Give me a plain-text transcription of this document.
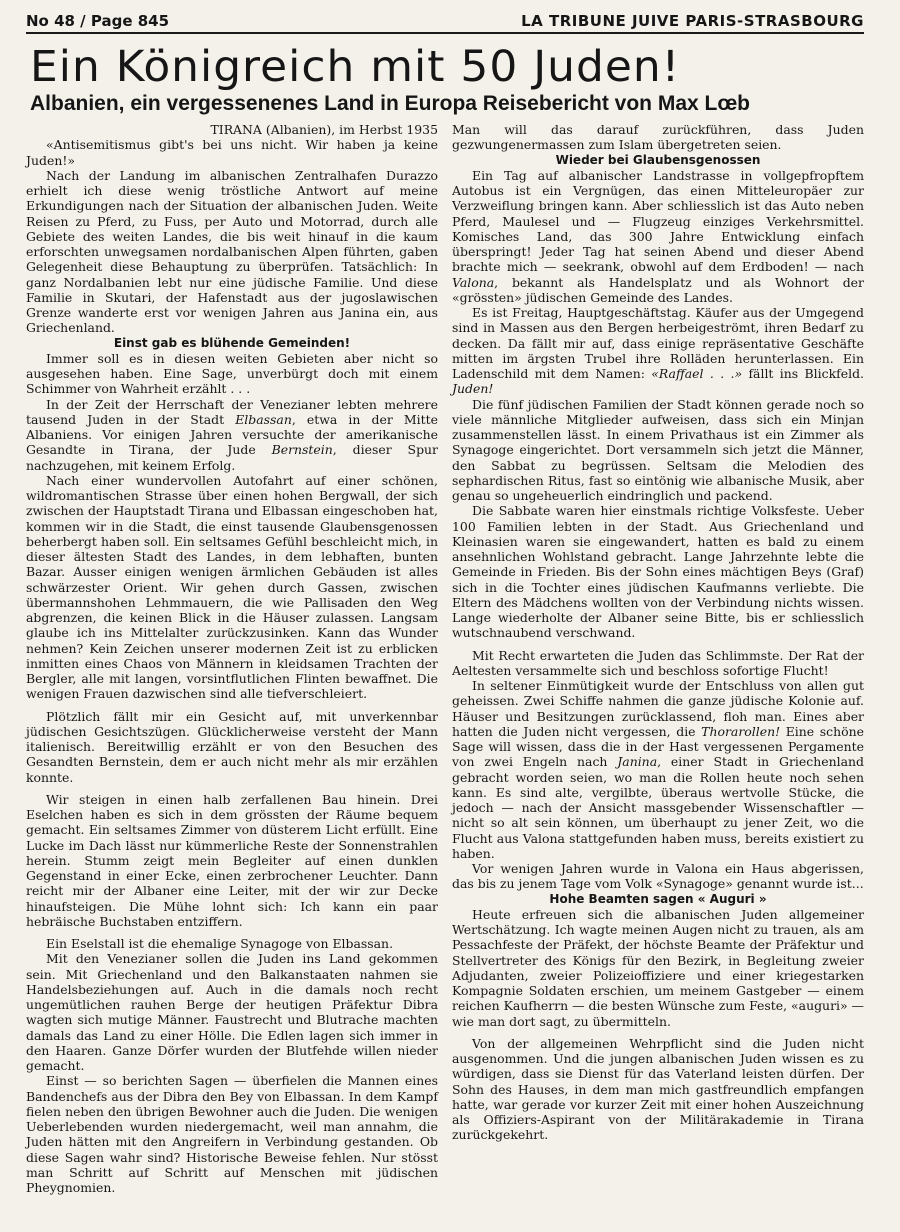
No 48 / Page 845	LA TRIBUNE JUIVE PARIS-STRASBOURG
Ein Königreich mit 50 Juden!
Albanien, ein vergessenenes Land in Europa Reisebericht von Max Lœb

TIRANA (Albanien), im Herbst 1935

«Antisemitismus gibt's bei uns nicht. Wir haben ja keine Juden!»

Nach der Landung im albanischen Zentralhafen Durazzo erhielt ich diese wenig tröstliche Antwort auf meine Erkundigungen nach der Situation der albanischen Juden. Weite Reisen zu Pferd, zu Fuss, per Auto und Motorrad, durch alle Gebiete des weiten Landes, die bis weit hinauf in die kaum erforschten unwegsamen nordalbanischen Alpen führten, gaben Gelegenheit diese Behauptung zu überprüfen. Tatsächlich: In ganz Nordalbanien lebt nur eine jüdische Familie. Und diese Familie in Skutari, der Hafenstadt aus der jugoslawischen Grenze wanderte erst vor wenigen Jahren aus Janina ein, aus Griechenland.

Einst gab es blühende Gemeinden!

Immer soll es in diesen weiten Gebieten aber nicht so ausgesehen haben. Eine Sage, unverbürgt doch mit einem Schimmer von Wahrheit erzählt . . .

In der Zeit der Herrschaft der Venezianer lebten mehrere tausend Juden in der Stadt Elbassan, etwa in der Mitte Albaniens. Vor einigen Jahren versuchte der amerikanische Gesandte in Tirana, der Jude Bernstein, dieser Spur nachzugehen, mit keinem Erfolg.

Nach einer wundervollen Autofahrt auf einer schönen, wildromantischen Strasse über einen hohen Bergwall, der sich zwischen der Hauptstadt Tirana und Elbassan eingeschoben hat, kommen wir in die Stadt, die einst tausende Glaubensgenossen beherbergt haben soll. Ein seltsames Gefühl beschleicht mich, in dieser ältesten Stadt des Landes, in dem lebhaften, bunten Bazar. Ausser einigen wenigen ärmlichen Gebäuden ist alles schwärzester Orient. Wir gehen durch Gassen, zwischen übermannshohen Lehmmauern, die wie Pallisaden den Weg abgrenzen, die keinen Blick in die Häuser zulassen. Langsam glaube ich ins Mittelalter zurückzusinken. Kann das Wunder nehmen? Kein Zeichen unserer modernen Zeit ist zu erblicken inmitten eines Chaos von Männern in kleidsamen Trachten der Bergler, alle mit langen, vorsintflutlichen Flinten bewaffnet. Die wenigen Frauen dazwischen sind alle tiefverschleiert.

Plötzlich fällt mir ein Gesicht auf, mit unverkennbar jüdischen Gesichtszügen. Glücklicherweise versteht der Mann italienisch. Bereitwillig erzählt er von den Besuchen des Gesandten Bernstein, dem er auch nicht mehr als mir erzählen konnte.

Wir steigen in einen halb zerfallenen Bau hinein. Drei Eselchen haben es sich in dem grössten der Räume bequem gemacht. Ein seltsames Zimmer von düsterem Licht erfüllt. Eine Lucke im Dach lässt nur kümmerliche Reste der Sonnenstrahlen herein. Stumm zeigt mein Begleiter auf einen dunklen Gegenstand in einer Ecke, einen zerbrochener Leuchter. Dann reicht mir der Albaner eine Leiter, mit der wir zur Decke hinaufsteigen. Die Mühe lohnt sich: Ich kann ein paar hebräische Buchstaben entziffern.

Ein Eselstall ist die ehemalige Synagoge von Elbassan.

Mit den Venezianer sollen die Juden ins Land gekommen sein. Mit Griechenland und den Balkanstaaten nahmen sie Handelsbeziehungen auf. Auch in die damals noch recht ungemütlichen rauhen Berge der heutigen Präfektur Dibra wagten sich mutige Männer. Faustrecht und Blutrache machten damals das Land zu einer Hölle. Die Edlen lagen sich immer in den Haaren. Ganze Dörfer wurden der Blutfehde willen nieder gemacht.

Einst — so berichten Sagen — überfielen die Mannen eines Bandenchefs aus der Dibra den Bey von Elbassan. In dem Kampf fielen neben den übrigen Bewohner auch die Juden. Die wenigen Ueberlebenden wurden niedergemacht, weil man annahm, die Juden hätten mit den Angreifern in Verbindung gestanden. Ob diese Sagen wahr sind? Historische Beweise fehlen. Nur stösst man Schritt auf Schritt auf Menschen mit jüdischen Pheygnomien.

Man will das darauf zurückführen, dass Juden gezwungenermassen zum Islam übergetreten seien.

Wieder bei Glaubensgenossen

Ein Tag auf albanischer Landstrasse in vollgepfropftem Autobus ist ein Vergnügen, das einen Mitteleuropäer zur Verzweiflung bringen kann. Aber schliesslich ist das Auto neben Pferd, Maulesel und — Flugzeug einziges Verkehrsmittel. Komisches Land, das 300 Jahre Entwicklung einfach überspringt! Jeder Tag hat seinen Abend und dieser Abend brachte mich — seekrank, obwohl auf dem Erdboden! — nach Valona, bekannt als Handelsplatz und als Wohnort der «grössten» jüdischen Gemeinde des Landes.

Es ist Freitag, Hauptgeschäftstag. Käufer aus der Umgegend sind in Massen aus den Bergen herbeigeströmt, ihren Bedarf zu decken. Da fällt mir auf, dass einige repräsentative Geschäfte mitten im ärgsten Trubel ihre Rolläden herunterlassen. Ein Ladenschild mit dem Namen: «Raffael . . .» fällt ins Blickfeld. Juden!

Die fünf jüdischen Familien der Stadt können gerade noch so viele männliche Mitglieder aufweisen, dass sich ein Minjan zusammenstellen lässt. In einem Privathaus ist ein Zimmer als Synagoge eingerichtet. Dort versammeln sich jetzt die Männer, den Sabbat zu begrüssen. Seltsam die Melodien des sephardischen Ritus, fast so eintönig wie albanische Musik, aber genau so ungeheuerlich eindringlich und packend.

Die Sabbate waren hier einstmals richtige Volksfeste. Ueber 100 Familien lebten in der Stadt. Aus Griechenland und Kleinasien waren sie eingewandert, hatten es bald zu einem ansehnlichen Wohlstand gebracht. Lange Jahrzehnte lebte die Gemeinde in Frieden. Bis der Sohn eines mächtigen Beys (Graf) sich in die Tochter eines jüdischen Kaufmanns verliebte. Die Eltern des Mädchens wollten von der Verbindung nichts wissen. Lange wiederholte der Albaner seine Bitte, bis er schliesslich wutschnaubend verschwand.

Mit Recht erwarteten die Juden das Schlimmste. Der Rat der Aeltesten versammelte sich und beschloss sofortige Flucht!

In seltener Einmütigkeit wurde der Entschluss von allen gut geheissen. Zwei Schiffe nahmen die ganze jüdische Kolonie auf. Häuser und Besitzungen zurücklassend, floh man. Eines aber hatten die Juden nicht vergessen, die Thorarollen! Eine schöne Sage will wissen, dass die in der Hast vergessenen Pergamente von zwei Engeln nach Janina, einer Stadt in Griechenland gebracht worden seien, wo man die Rollen heute noch sehen kann. Es sind alte, vergilbte, überaus wertvolle Stücke, die jedoch — nach der Ansicht massgebender Wissenschaftler — nicht so alt sein können, um überhaupt zu jener Zeit, wo die Flucht aus Valona stattgefunden haben muss, bereits existiert zu haben.

Vor wenigen Jahren wurde in Valona ein Haus abgerissen, das bis zu jenem Tage vom Volk «Synagoge» genannt wurde ist...

Hohe Beamten sagen « Auguri »

Heute erfreuen sich die albanischen Juden allgemeiner Wertschätzung. Ich wagte meinen Augen nicht zu trauen, als am Pessachfeste der Präfekt, der höchste Beamte der Präfektur und Stellvertreter des Königs für den Bezirk, in Begleitung zweier Adjudanten, zweier Polizeioffiziere und einer kriegestarken Kompagnie Soldaten erschien, um meinem Gastgeber — einem reichen Kaufherrn — die besten Wünsche zum Feste, «auguri» — wie man dort sagt, zu übermitteln.

Von der allgemeinen Wehrpflicht sind die Juden nicht ausgenommen. Und die jungen albanischen Juden wissen es zu würdigen, dass sie Dienst für das Vaterland leisten dürfen. Der Sohn des Hauses, in dem man mich gastfreundlich empfangen hatte, war gerade vor kurzer Zeit mit einer hohen Auszeichnung als Offiziers-Aspirant von der Militärakademie in Tirana zurückgekehrt.
